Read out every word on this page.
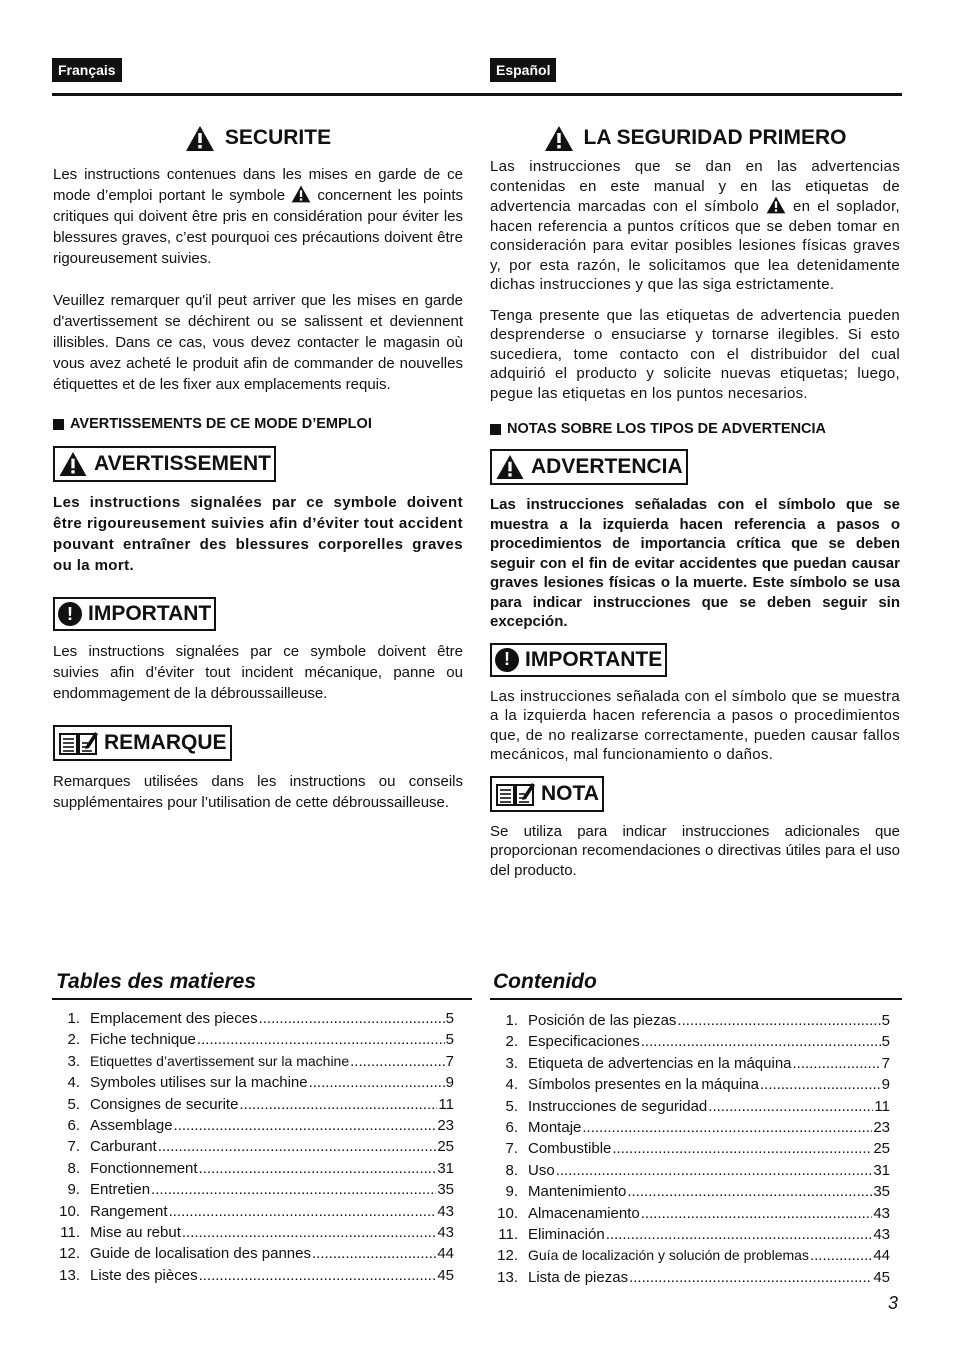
Français	Español
SECURITE

Les instructions contenues dans les mises en garde de ce mode d’emploi portant le symbole concernent les points critiques qui doivent être pris en considération pour éviter les blessures graves, c’est pourquoi ces précautions doivent être rigoureusement suivies.

Veuillez remarquer qu'il peut arriver que les mises en garde d'avertissement se déchirent ou se salissent et deviennent illisibles. Dans ce cas, vous devez contacter le magasin où vous avez acheté le produit afin de commander de nouvelles étiquettes et de les fixer aux emplacements requis.

AVERTISSEMENTS DE CE MODE D’EMPLOI
AVERTISSEMENT

Les instructions signalées par ce symbole doivent être rigoureusement suivies afin d’éviter tout accident pouvant entraîner des blessures corporelles graves ou la mort.

! IMPORTANT

Les instructions signalées par ce symbole doivent être suivies afin d’éviter tout incident mécanique, panne ou endommagement de la débroussailleuse.

REMARQUE

Remarques utilisées dans les instructions ou conseils supplémentaires pour l’utilisation de cette débroussailleuse.

LA SEGURIDAD PRIMERO

Las instrucciones que se dan en las advertencias contenidas en este manual y en las etiquetas de advertencia marcadas con el símbolo en el soplador, hacen referencia a puntos críticos que se deben tomar en consideración para evitar posibles lesiones físicas graves y, por esta razón, le solicitamos que lea detenidamente dichas instrucciones y que las siga estrictamente.

Tenga presente que las etiquetas de advertencia pueden desprenderse o ensuciarse y tornarse ilegibles. Si esto sucediera, tome contacto con el distribuidor del cual adquirió el producto y solicite nuevas etiquetas; luego, pegue las etiquetas en los puntos necesarios.

NOTAS SOBRE LOS TIPOS DE ADVERTENCIA
ADVERTENCIA

Las instrucciones señaladas con el símbolo que se muestra a la izquierda hacen referencia a pasos o procedimientos de importancia crítica que se deben seguir con el fin de evitar accidentes que puedan causar graves lesiones físicas o la muerte. Este símbolo se usa para indicar instrucciones que se deben seguir sin excepción.

! IMPORTANTE

Las instrucciones señalada con el símbolo que se muestra a la izquierda hacen referencia a pasos o procedimientos que, de no realizarse correctamente, pueden causar fallos mecánicos, mal funcionamiento o daños.

NOTA

Se utiliza para indicar instrucciones adicionales que proporcionan recomendaciones o directivas útiles para el uso del producto.

Tables des matieres	Contenido
1. Emplacement des pieces .....	5
2. Fiche technique .....	5
3. Etiquettes d’avertissement sur la machine .....	7
4. Symboles utilises sur la machine .....	9
5. Consignes de securite .....	11
6. Assemblage .....	23
7. Carburant .....	25
8. Fonctionnement .....	31
9. Entretien .....	35
10. Rangement .....	43
11. Mise au rebut .....	43
12. Guide de localisation des pannes .....	44
13. Liste des pièces .....	45
1. Posición de las piezas .....	5
2. Especificaciones .....	5
3. Etiqueta de advertencias en la máquina .....	7
4. Símbolos presentes en la máquina .....	9
5. Instrucciones de seguridad .....	11
6. Montaje .....	23
7. Combustible .....	25
8. Uso .....	31
9. Mantenimiento .....	35
10. Almacenamiento .....	43
11. Eliminación .....	43
12. Guía de localización y solución de problemas .....	44
13. Lista de piezas .....	45
3
